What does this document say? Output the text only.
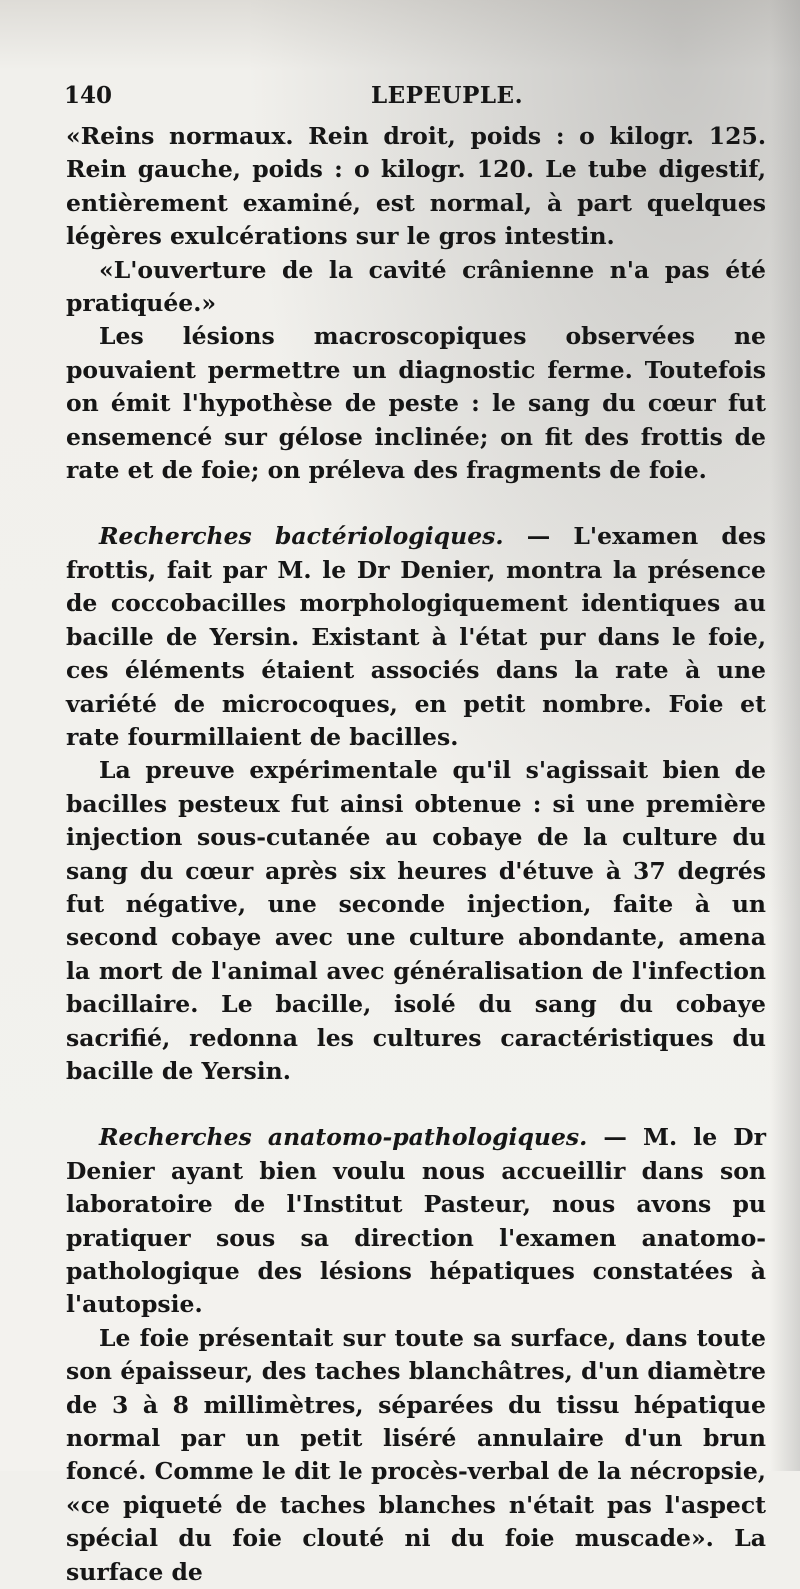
140	LEPEUPLE.

«Reins normaux. Rein droit, poids : o kilogr. 125. Rein gauche, poids : o kilogr. 120. Le tube digestif, entièrement examiné, est normal, à part quelques légères exulcérations sur le gros intestin.

«L'ouverture de la cavité crânienne n'a pas été pratiquée.»

Les lésions macroscopiques observées ne pouvaient permettre un diagnostic ferme. Toutefois on émit l'hypothèse de peste : le sang du cœur fut ensemencé sur gélose inclinée; on fit des frottis de rate et de foie; on préleva des fragments de foie.

Recherches bactériologiques. — L'examen des frottis, fait par M. le Dr Denier, montra la présence de coccobacilles morphologiquement identiques au bacille de Yersin. Existant à l'état pur dans le foie, ces éléments étaient associés dans la rate à une variété de microcoques, en petit nombre. Foie et rate fourmillaient de bacilles.

La preuve expérimentale qu'il s'agissait bien de bacilles pesteux fut ainsi obtenue : si une première injection sous-cutanée au cobaye de la culture du sang du cœur après six heures d'étuve à 37 degrés fut négative, une seconde injection, faite à un second cobaye avec une culture abondante, amena la mort de l'animal avec généralisation de l'infection bacillaire. Le bacille, isolé du sang du cobaye sacrifié, redonna les cultures caractéristiques du bacille de Yersin.

Recherches anatomo-pathologiques. — M. le Dr Denier ayant bien voulu nous accueillir dans son laboratoire de l'Institut Pasteur, nous avons pu pratiquer sous sa direction l'examen anatomo-pathologique des lésions hépatiques constatées à l'autopsie.

Le foie présentait sur toute sa surface, dans toute son épaisseur, des taches blanchâtres, d'un diamètre de 3 à 8 millimètres, séparées du tissu hépatique normal par un petit liséré annulaire d'un brun foncé. Comme le dit le procès-verbal de la nécropsie, «ce piqueté de taches blanches n'était pas l'aspect spécial du foie clouté ni du foie muscade». La surface de
